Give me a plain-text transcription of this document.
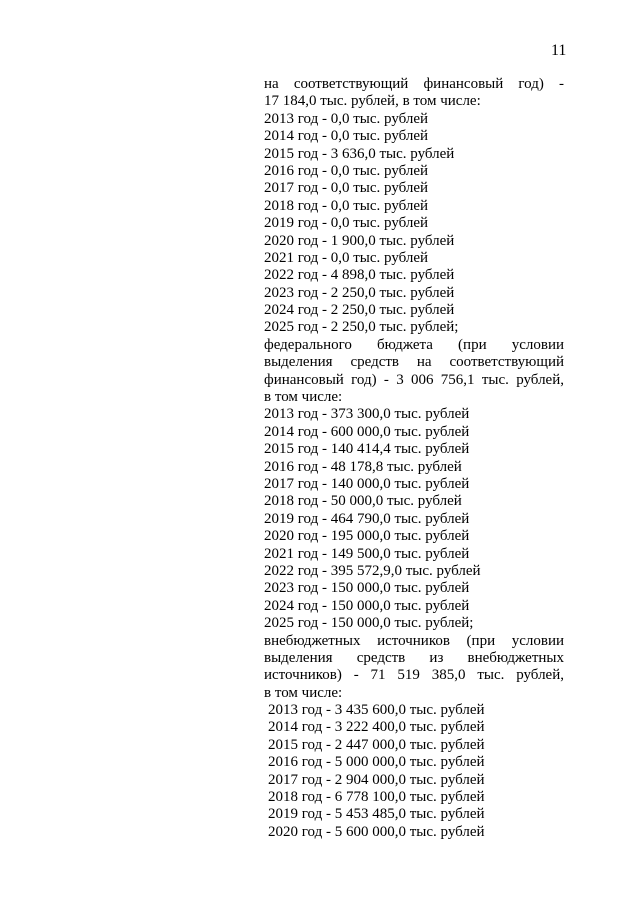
11
на соответствующий финансовый год) -
17 184,0 тыс. рублей, в том числе:
2013 год - 0,0 тыс. рублей
2014 год - 0,0 тыс. рублей
2015 год - 3 636,0 тыс. рублей
2016 год - 0,0 тыс. рублей
2017 год - 0,0 тыс. рублей
2018 год - 0,0 тыс. рублей
2019 год - 0,0 тыс. рублей
2020 год - 1 900,0 тыс. рублей
2021 год - 0,0 тыс. рублей
2022 год - 4 898,0 тыс. рублей
2023 год - 2 250,0 тыс. рублей
2024 год - 2 250,0 тыс. рублей
2025 год - 2 250,0 тыс. рублей;
федерального бюджета (при условии
выделения средств на соответствующий
финансовый год) - 3 006 756,1 тыс. рублей,
в том числе:
2013 год - 373 300,0 тыс. рублей
2014 год - 600 000,0 тыс. рублей
2015 год - 140 414,4 тыс. рублей
2016 год - 48 178,8 тыс. рублей
2017 год - 140 000,0 тыс. рублей
2018 год - 50 000,0 тыс. рублей
2019 год - 464 790,0 тыс. рублей
2020 год - 195 000,0 тыс. рублей
2021 год - 149 500,0 тыс. рублей
2022 год - 395 572,9,0 тыс. рублей
2023 год - 150 000,0 тыс. рублей
2024 год - 150 000,0 тыс. рублей
2025 год - 150 000,0 тыс. рублей;
внебюджетных источников (при условии
выделения средств из внебюджетных
источников) - 71 519 385,0 тыс. рублей,
в том числе:
2013 год - 3 435 600,0 тыс. рублей
2014 год - 3 222 400,0 тыс. рублей
2015 год - 2 447 000,0 тыс. рублей
2016 год - 5 000 000,0 тыс. рублей
2017 год - 2 904 000,0 тыс. рублей
2018 год - 6 778 100,0 тыс. рублей
2019 год - 5 453 485,0 тыс. рублей
2020 год - 5 600 000,0 тыс. рублей
